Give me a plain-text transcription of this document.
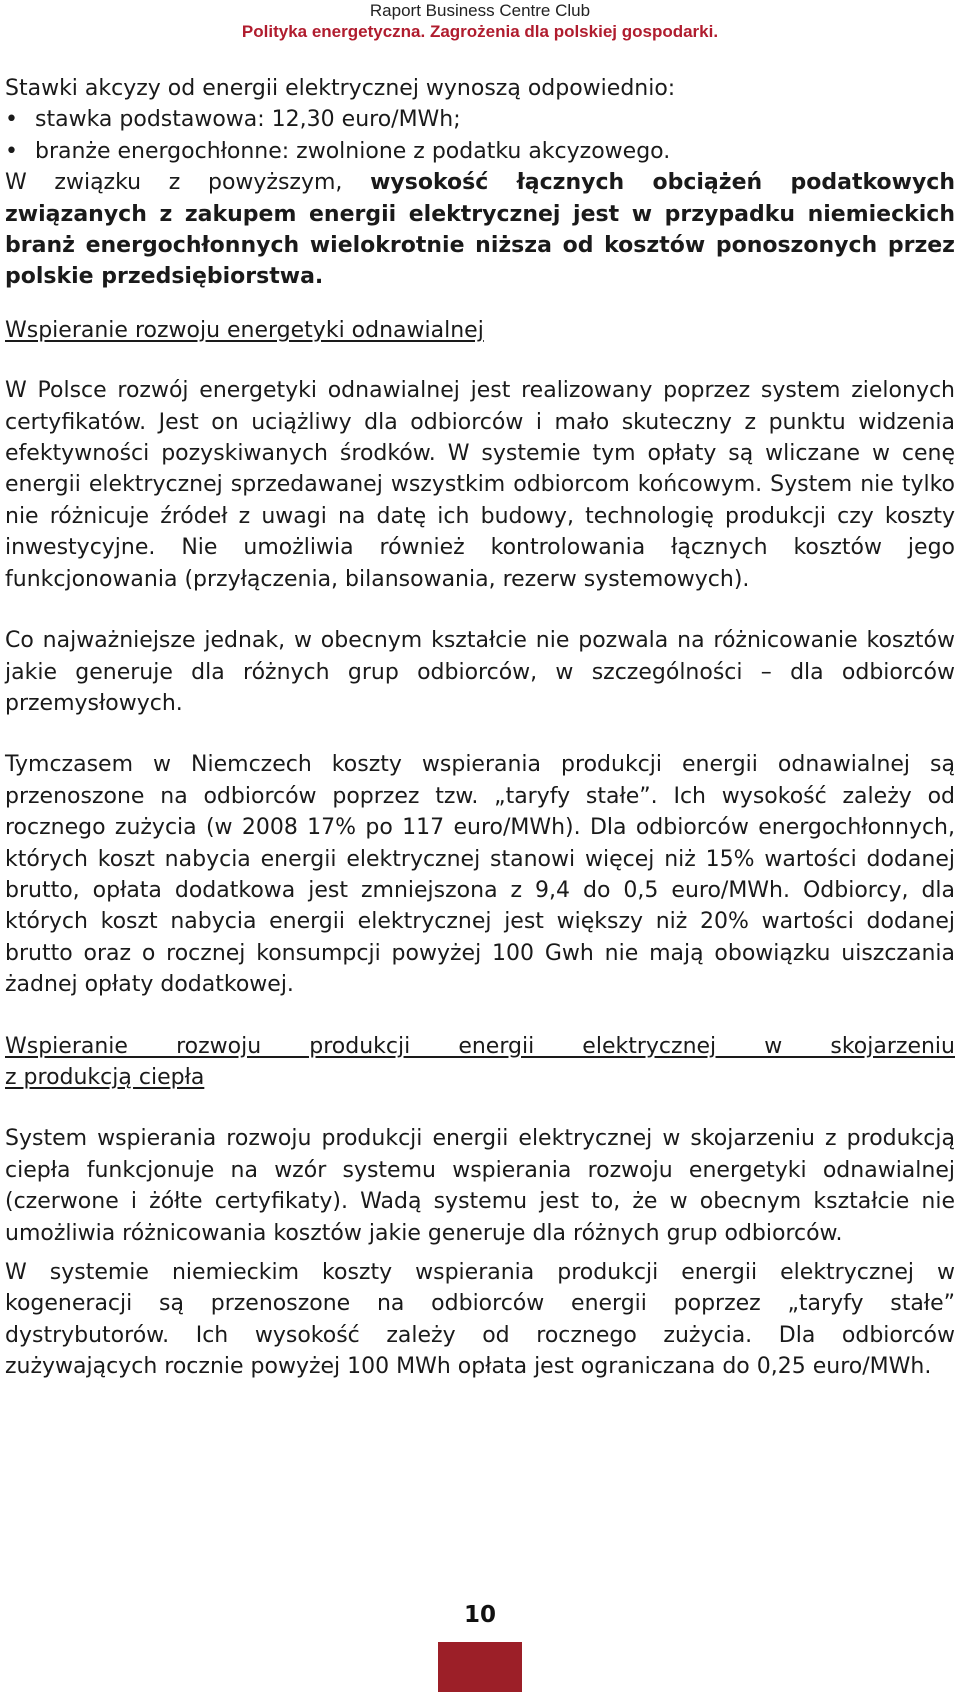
Raport Business Centre Club
Polityka energetyczna. Zagrożenia dla polskiej gospodarki.

Stawki akcyzy od energii elektrycznej wynoszą odpowiednio:

• stawka podstawowa: 12,30 euro/MWh;
• branże energochłonne: zwolnione z podatku akcyzowego.

W związku z powyższym, wysokość łącznych obciążeń podatkowych związanych z zakupem energii elektrycznej jest w przypadku niemieckich branż energochłonnych wielokrotnie niższa od kosztów ponoszonych przez polskie przedsiębiorstwa.

Wspieranie rozwoju energetyki odnawialnej

W Polsce rozwój energetyki odnawialnej jest realizowany poprzez system zielonych certyfikatów. Jest on uciążliwy dla odbiorców i mało skuteczny z punktu widzenia efektywności pozyskiwanych środków. W systemie tym opłaty są wliczane w cenę energii elektrycznej sprzedawanej wszystkim odbiorcom końcowym. System nie tylko nie różnicuje źródeł z uwagi na datę ich budowy, technologię produkcji czy koszty inwestycyjne. Nie umożliwia również kontrolowania łącznych kosztów jego funkcjonowania (przyłączenia, bilansowania, rezerw systemowych).

Co najważniejsze jednak, w obecnym kształcie nie pozwala na różnicowanie kosztów jakie generuje dla różnych grup odbiorców, w szczególności – dla odbiorców przemysłowych.

Tymczasem w Niemczech koszty wspierania produkcji energii odnawialnej są przenoszone na odbiorców poprzez tzw. „taryfy stałe”. Ich wysokość zależy od rocznego zużycia (w 2008 17% po 117 euro/MWh). Dla odbiorców energochłonnych, których koszt nabycia energii elektrycznej stanowi więcej niż 15% wartości dodanej brutto, opłata dodatkowa jest zmniejszona z 9,4 do 0,5 euro/MWh. Odbiorcy, dla których koszt nabycia energii elektrycznej jest większy niż 20% wartości dodanej brutto oraz o rocznej konsumpcji powyżej 100 Gwh nie mają obowiązku uiszczania żadnej opłaty dodatkowej.

Wspieranie rozwoju produkcji energii elektrycznej w skojarzeniu

z produkcją ciepła

System wspierania rozwoju produkcji energii elektrycznej w skojarzeniu z produkcją ciepła funkcjonuje na wzór systemu wspierania rozwoju energetyki odnawialnej (czerwone i żółte certyfikaty). Wadą systemu jest to, że w obecnym kształcie nie umożliwia różnicowania kosztów jakie generuje dla różnych grup odbiorców.

W systemie niemieckim koszty wspierania produkcji energii elektrycznej w kogeneracji są przenoszone na odbiorców energii poprzez „taryfy stałe” dystrybutorów. Ich wysokość zależy od rocznego zużycia. Dla odbiorców zużywających rocznie powyżej 100 MWh opłata jest ograniczana do 0,25 euro/MWh.

10
